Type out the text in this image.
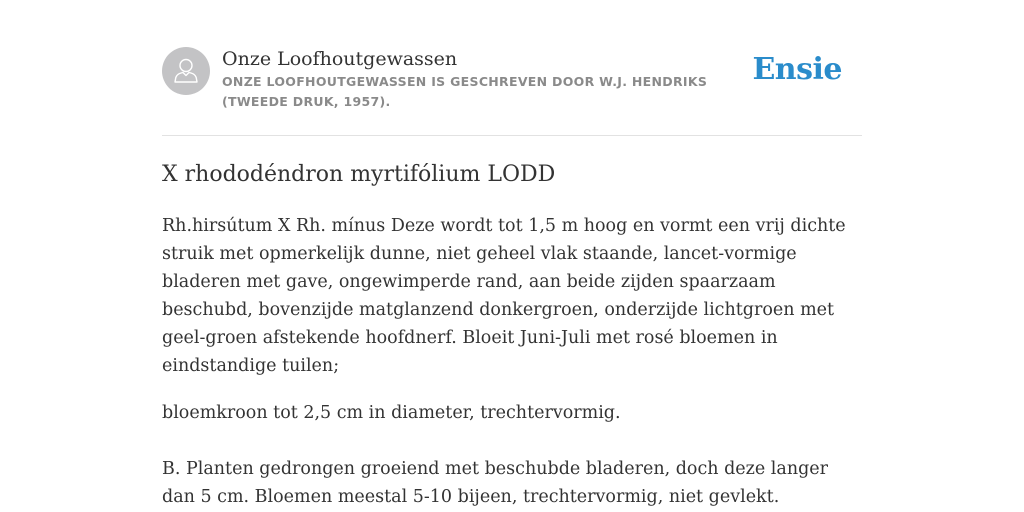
Onze Loofhoutgewassen
ONZE LOOFHOUTGEWASSEN IS GESCHREVEN DOOR W.J. HENDRIKS (TWEEDE DRUK, 1957).
Ensie
X rhododéndron myrtifólium LODD

Rh.hirsútum X Rh. mínus Deze wordt tot 1,5 m hoog en vormt een vrij dichte struik met opmerkelijk dunne, niet geheel vlak staande, lancet-vormige bladeren met gave, ongewimperde rand, aan beide zijden spaarzaam beschubd, bovenzijde matglanzend donkergroen, onderzijde lichtgroen met geel-groen afstekende hoofdnerf. Bloeit Juni-Juli met rosé bloemen in eindstandige tuilen;

bloemkroon tot 2,5 cm in diameter, trechtervormig.

B. Planten gedrongen groeiend met beschubde bladeren, doch deze langer dan 5 cm. Bloemen meestal 5-10 bijeen, trechtervormig, niet gevlekt.
